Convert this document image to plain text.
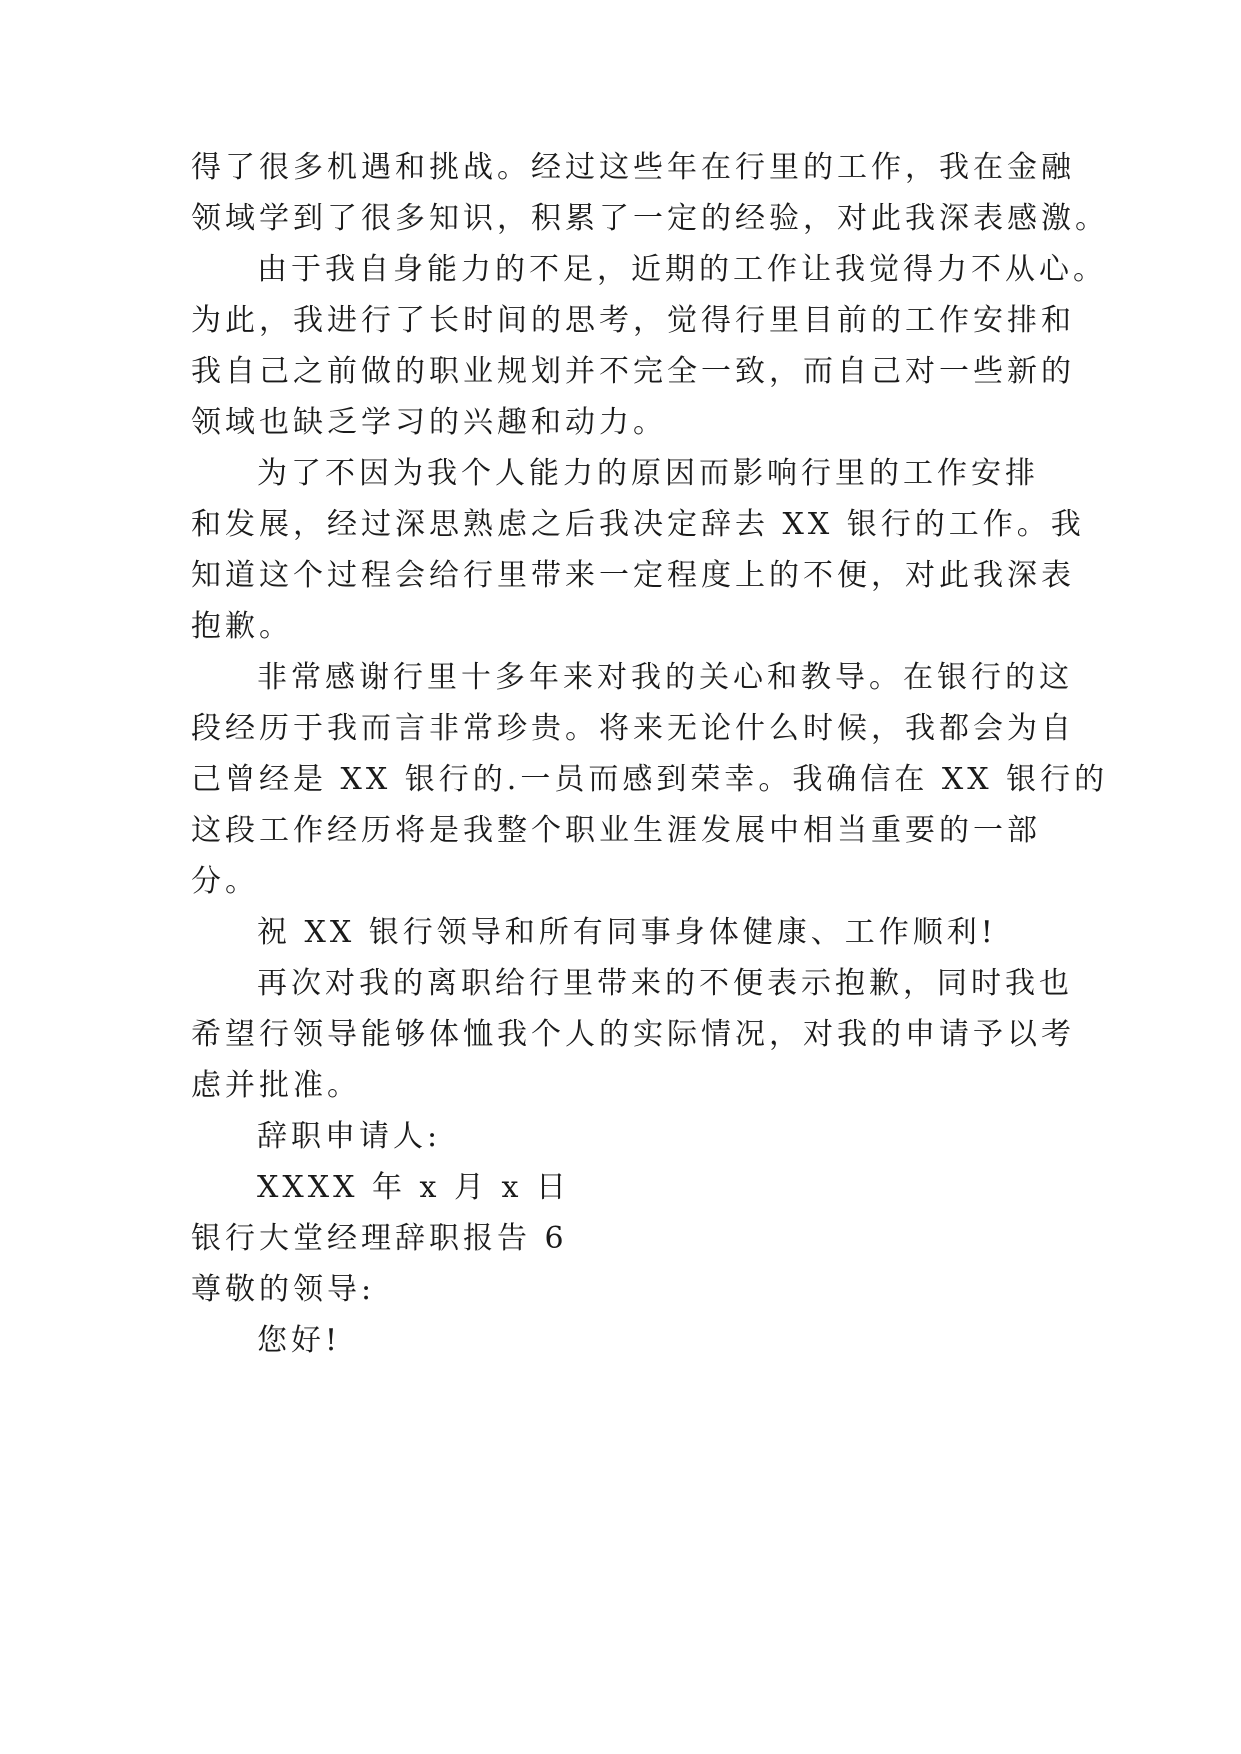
得了很多机遇和挑战。经过这些年在行里的工作，我在金融
领域学到了很多知识，积累了一定的经验，对此我深表感激。
由于我自身能力的不足，近期的工作让我觉得力不从心。
为此，我进行了长时间的思考，觉得行里目前的工作安排和
我自己之前做的职业规划并不完全一致，而自己对一些新的
领域也缺乏学习的兴趣和动力。
为了不因为我个人能力的原因而影响行里的工作安排
和发展，经过深思熟虑之后我决定辞去 XX 银行的工作。我
知道这个过程会给行里带来一定程度上的不便，对此我深表
抱歉。
非常感谢行里十多年来对我的关心和教导。在银行的这
段经历于我而言非常珍贵。将来无论什么时候，我都会为自
己曾经是 XX 银行的.一员而感到荣幸。我确信在 XX 银行的
这段工作经历将是我整个职业生涯发展中相当重要的一部
分。
祝 XX 银行领导和所有同事身体健康、工作顺利!
再次对我的离职给行里带来的不便表示抱歉，同时我也
希望行领导能够体恤我个人的实际情况，对我的申请予以考
虑并批准。
辞职申请人:
XXXX 年 x 月 x 日
银行大堂经理辞职报告 6
尊敬的领导:
您好!
